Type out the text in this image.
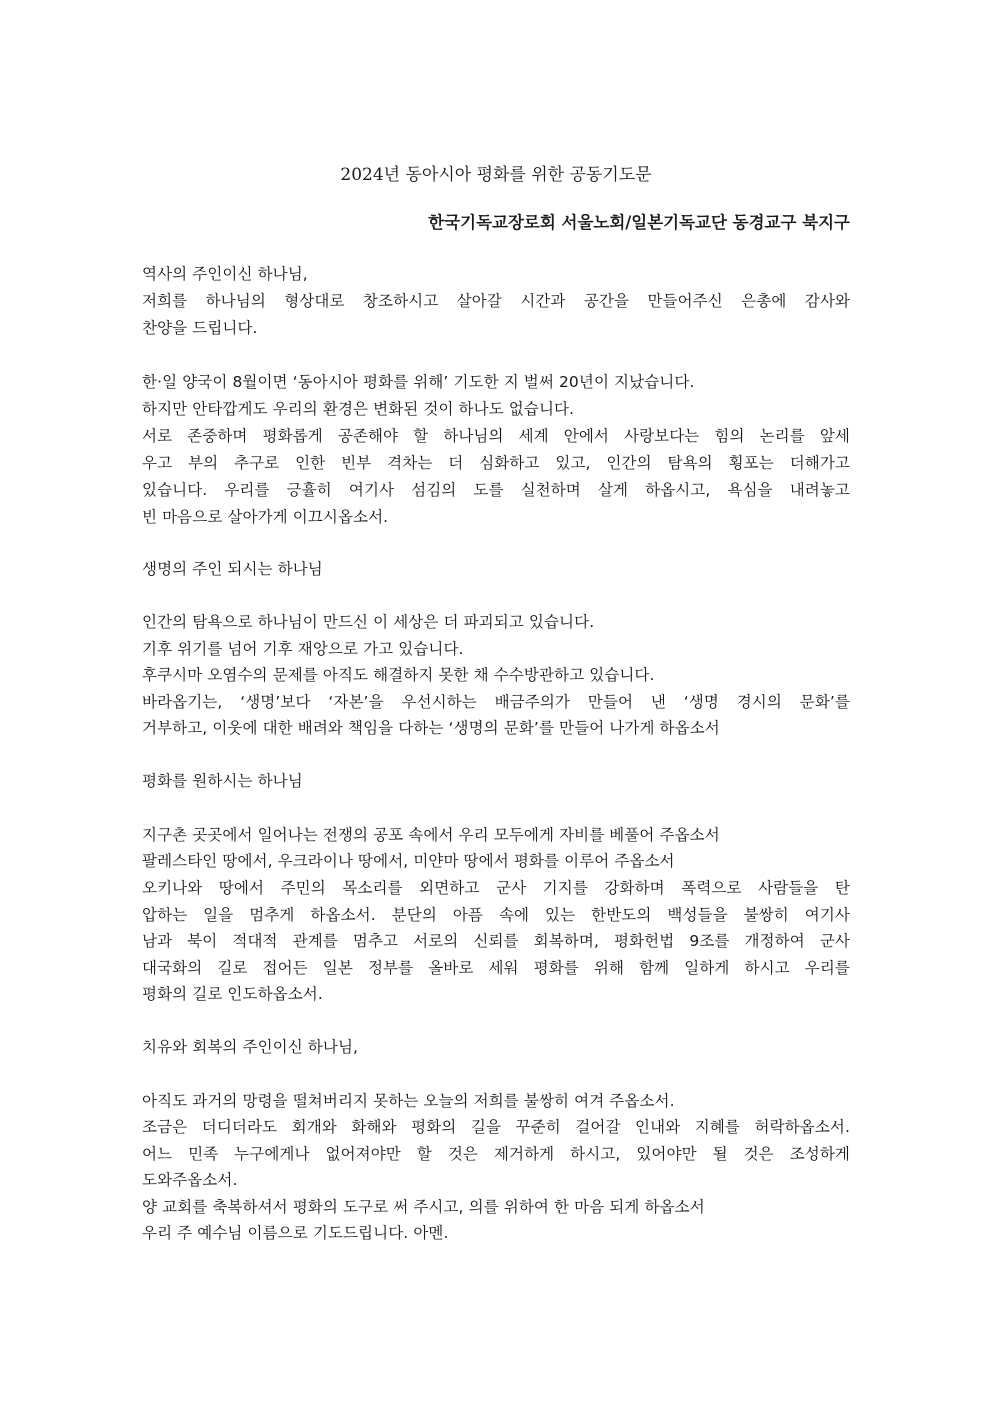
2024년 동아시아 평화를 위한 공동기도문
한국기독교장로회 서울노회/일본기독교단 동경교구 북지구
역사의 주인이신 하나님,
저희를 하나님의 형상대로 창조하시고 살아갈 시간과 공간을 만들어주신 은총에 감사와
찬양을 드립니다.
한·일 양국이 8월이면 ‘동아시아 평화를 위해’ 기도한 지 벌써 20년이 지났습니다.
하지만 안타깝게도 우리의 환경은 변화된 것이 하나도 없습니다.
서로 존중하며 평화롭게 공존해야 할 하나님의 세계 안에서 사랑보다는 힘의 논리를 앞세
우고 부의 추구로 인한 빈부 격차는 더 심화하고 있고, 인간의 탐욕의 횡포는 더해가고
있습니다. 우리를 긍휼히 여기사 섬김의 도를 실천하며 살게 하옵시고, 욕심을 내려놓고
빈 마음으로 살아가게 이끄시옵소서.
생명의 주인 되시는 하나님
인간의 탐욕으로 하나님이 만드신 이 세상은 더 파괴되고 있습니다.
기후 위기를 넘어 기후 재앙으로 가고 있습니다.
후쿠시마 오염수의 문제를 아직도 해결하지 못한 채 수수방관하고 있습니다.
바라옵기는, ‘생명’보다 ‘자본’을 우선시하는 배금주의가 만들어 낸 ‘생명 경시의 문화’를
거부하고, 이웃에 대한 배려와 책임을 다하는 ‘생명의 문화’를 만들어 나가게 하옵소서
평화를 원하시는 하나님
지구촌 곳곳에서 일어나는 전쟁의 공포 속에서 우리 모두에게 자비를 베풀어 주옵소서
팔레스타인 땅에서, 우크라이나 땅에서, 미얀마 땅에서 평화를 이루어 주옵소서
오키나와 땅에서 주민의 목소리를 외면하고 군사 기지를 강화하며 폭력으로 사람들을 탄
압하는 일을 멈추게 하옵소서. 분단의 아픔 속에 있는 한반도의 백성들을 불쌍히 여기사
남과 북이 적대적 관계를 멈추고 서로의 신뢰를 회복하며, 평화헌법 9조를 개정하여 군사
대국화의 길로 접어든 일본 정부를 올바로 세워 평화를 위해 함께 일하게 하시고 우리를
평화의 길로 인도하옵소서.
치유와 회복의 주인이신 하나님,
아직도 과거의 망령을 떨쳐버리지 못하는 오늘의 저희를 불쌍히 여겨 주옵소서.
조금은 더디더라도 회개와 화해와 평화의 길을 꾸준히 걸어갈 인내와 지혜를 허락하옵소서.
어느 민족 누구에게나 없어져야만 할 것은 제거하게 하시고, 있어야만 될 것은 조성하게
도와주옵소서.
양 교회를 축복하셔서 평화의 도구로 써 주시고, 의를 위하여 한 마음 되게 하옵소서
우리 주 예수님 이름으로 기도드립니다. 아멘.
